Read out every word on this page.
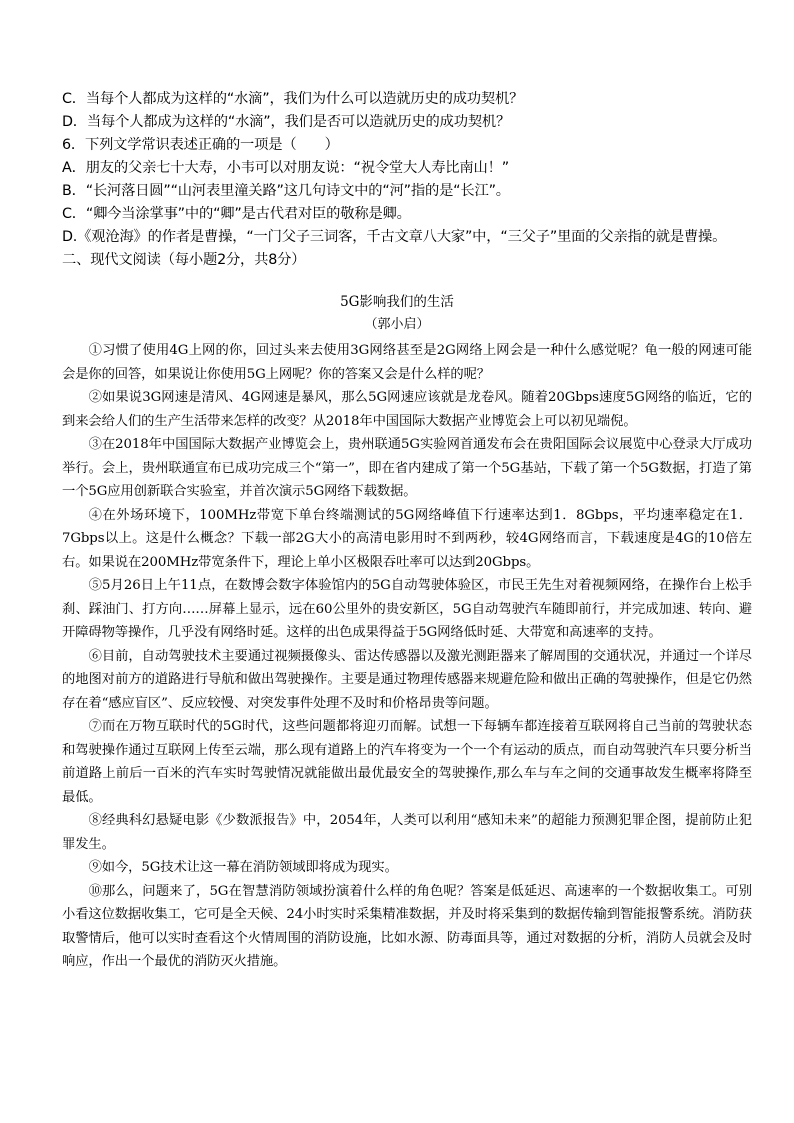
C．当每个人都成为这样的“水滴”，我们为什么可以造就历史的成功契机？

D．当每个人都成为这样的“水滴”，我们是否可以造就历史的成功契机？

6．下列文学常识表述正确的一项是（　　）

A．朋友的父亲七十大寿，小韦可以对朋友说：“祝令堂大人寿比南山！”

B．“长河落日圆”“山河表里潼关路”这几句诗文中的“河”指的是“长江”。

C．“卿今当涂掌事”中的“卿”是古代君对臣的敬称是卿。

D.《观沧海》的作者是曹操，“一门父子三词客，千古文章八大家”中，“三父子”里面的父亲指的就是曹操。

二、现代文阅读（每小题2分，共8分）

5G影响我们的生活
（郭小启）

①习惯了使用4G上网的你，回过头来去使用3G网络甚至是2G网络上网会是一种什么感觉呢？龟一般的网速可能会是你的回答，如果说让你使用5G上网呢？你的答案又会是什么样的呢？

②如果说3G网速是清风、4G网速是暴风，那么5G网速应该就是龙卷风。随着20Gbps速度5G网络的临近，它的到来会给人们的生产生活带来怎样的改变？从2018年中国国际大数据产业博览会上可以初见端倪。

③在2018年中国国际大数据产业博览会上，贵州联通5G实验网首通发布会在贵阳国际会议展览中心登录大厅成功举行。会上，贵州联通宣布已成功完成三个“第一”，即在省内建成了第一个5G基站，下载了第一个5G数据，打造了第一个5G应用创新联合实验室，并首次演示5G网络下载数据。

④在外场环境下，100MHz带宽下单台终端测试的5G网络峰值下行速率达到1．8Gbps，平均速率稳定在1．7Gbps以上。这是什么概念？下载一部2G大小的高清电影用时不到两秒，较4G网络而言，下载速度是4G的10倍左右。如果说在200MHz带宽条件下，理论上单小区极限吞吐率可以达到20Gbps。

⑤5月26日上午11点，在数博会数字体验馆内的5G自动驾驶体验区，市民王先生对着视频网络，在操作台上松手刹、踩油门、打方向……屏幕上显示，远在60公里外的贵安新区，5G自动驾驶汽车随即前行，并完成加速、转向、避开障碍物等操作，几乎没有网络时延。这样的出色成果得益于5G网络低时延、大带宽和高速率的支持。

⑥目前，自动驾驶技术主要通过视频摄像头、雷达传感器以及激光测距器来了解周围的交通状况，并通过一个详尽的地图对前方的道路进行导航和做出驾驶操作。主要是通过物理传感器来规避危险和做出正确的驾驶操作，但是它仍然存在着“感应盲区”、反应较慢、对突发事件处理不及时和价格昂贵等问题。

⑦而在万物互联时代的5G时代，这些问题都将迎刃而解。试想一下每辆车都连接着互联网将自己当前的驾驶状态和驾驶操作通过互联网上传至云端，那么现有道路上的汽车将变为一个一个有运动的质点，而自动驾驶汽车只要分析当前道路上前后一百米的汽车实时驾驶情况就能做出最优最安全的驾驶操作,那么车与车之间的交通事故发生概率将降至最低。

⑧经典科幻悬疑电影《少数派报告》中，2054年，人类可以利用“感知未来”的超能力预测犯罪企图，提前防止犯罪发生。

⑨如今，5G技术让这一幕在消防领域即将成为现实。

⑩那么，问题来了，5G在智慧消防领域扮演着什么样的角色呢？答案是低延迟、高速率的一个数据收集工。可别小看这位数据收集工，它可是全天候、24小时实时采集精准数据，并及时将采集到的数据传输到智能报警系统。消防获取警情后，他可以实时查看这个火情周围的消防设施，比如水源、防毒面具等，通过对数据的分析，消防人员就会及时响应，作出一个最优的消防灭火措施。
